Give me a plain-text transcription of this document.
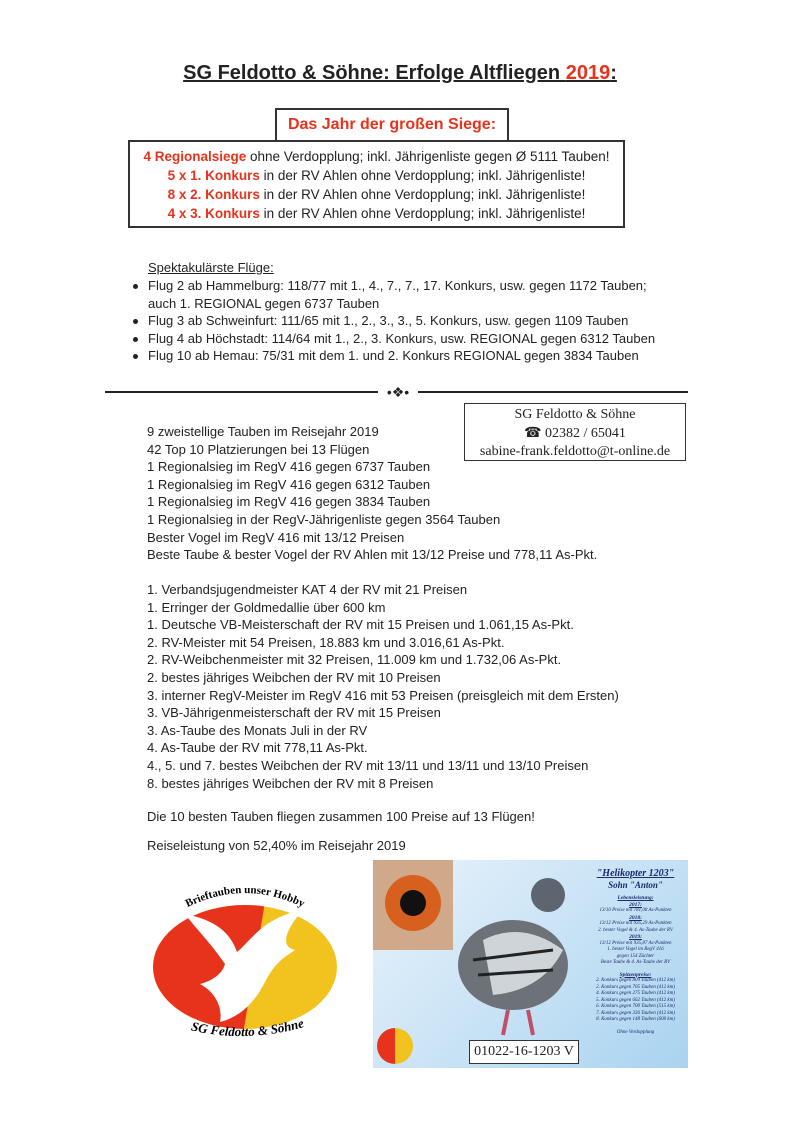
SG Feldotto & Söhne: Erfolge Altfliegen 2019:
Das Jahr der großen Siege:
4 Regionalsiege ohne Verdopplung; inkl. Jährigenliste gegen Ø 5111 Tauben!
5 x 1. Konkurs in der RV Ahlen ohne Verdopplung; inkl. Jährigenliste!
8 x 2. Konkurs in der RV Ahlen ohne Verdopplung; inkl. Jährigenliste!
4 x 3. Konkurs in der RV Ahlen ohne Verdopplung; inkl. Jährigenliste!
Spektakulärste Flüge:
Flug 2 ab Hammelburg: 118/77 mit 1., 4., 7., 7., 17. Konkurs, usw. gegen 1172 Tauben; auch 1. REGIONAL gegen 6737 Tauben
Flug 3 ab Schweinfurt: 111/65 mit 1., 2., 3., 3., 5. Konkurs, usw. gegen 1109 Tauben
Flug 4 ab Höchstadt: 114/64 mit 1., 2., 3. Konkurs, usw. REGIONAL gegen 6312 Tauben
Flug 10 ab Hemau: 75/31 mit dem 1. und 2. Konkurs REGIONAL gegen 3834 Tauben
•❖•
SG Feldotto & Söhne
☎ 02382 / 65041
sabine-frank.feldotto@t-online.de
9 zweistellige Tauben im Reisejahr 2019
42 Top 10 Platzierungen bei 13 Flügen
1 Regionalsieg im RegV 416 gegen 6737 Tauben
1 Regionalsieg im RegV 416 gegen 6312 Tauben
1 Regionalsieg im RegV 416 gegen 3834 Tauben
1 Regionalsieg in der RegV-Jährigenliste gegen 3564 Tauben
Bester Vogel im RegV 416 mit 13/12 Preisen
Beste Taube & bester Vogel der RV Ahlen mit 13/12 Preise und 778,11 As-Pkt.
1. Verbandsjugendmeister KAT 4 der RV mit 21 Preisen
1. Erringer der Goldmedallie über 600 km
1. Deutsche VB-Meisterschaft der RV mit 15 Preisen und 1.061,15 As-Pkt.
2. RV-Meister mit 54 Preisen, 18.883 km und 3.016,61 As-Pkt.
2. RV-Weibchenmeister mit 32 Preisen, 11.009 km und 1.732,06 As-Pkt.
2. bestes jähriges Weibchen der RV mit 10 Preisen
3. interner RegV-Meister im RegV 416 mit 53 Preisen (preisgleich mit dem Ersten)
3. VB-Jährigenmeisterschaft der RV mit 15 Preisen
3. As-Taube des Monats Juli in der RV
4. As-Taube der RV mit 778,11 As-Pkt.
4., 5. und 7. bestes Weibchen der RV mit 13/11 und 13/11 und 13/10 Preisen
8. bestes jähriges Weibchen der RV mit 8 Preisen
Die 10 besten Tauben fliegen zusammen 100 Preise auf 13 Flügen!
Reiseleistung von 52,40% im Reisejahr 2019
Brieftauben unser Hobby
SG Feldotto & Söhne
"Helikopter 1203"
Sohn "Anton"
Lebensleistung:
2017:
13/10 Preise mit 781,08 As-Punkten
2018:
13/12 Preise mit 935,29 As-Punkten
2. bester Vogel & 4. As-Taube der RV
2019:
13/12 Preise mit 935,87 As-Punkten
1. bester Vogel im RegV 416
gegen 154 Züchter
Beste Taube & 4. As-Taube der RV
Spitzenpreise:
2. Konkurs gegen 809 Tauben (412 km)
2. Konkurs gegen 705 Tauben (412 km)
4. Konkurs gegen 275 Tauben (412 km)
5. Konkurs gegen 662 Tauben (412 km)
6. Konkurs gegen 700 Tauben (515 km)
7. Konkurs gegen 336 Tauben (412 km)
8. Konkurs gegen 148 Tauben (600 km)
Ohne Verdopplung
01022-16-1203 V
